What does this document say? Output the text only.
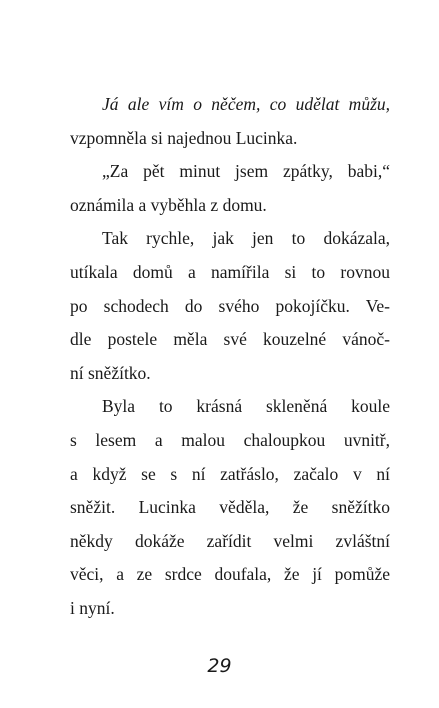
Já ale vím o něčem, co udělat můžu,
vzpomněla si najednou Lucinka.
„Za pět minut jsem zpátky, babi,“
oznámila a vyběhla z domu.
Tak rychle, jak jen to dokázala,
utíkala domů a namířila si to rovnou
po schodech do svého pokojíčku. Ve-
dle postele měla své kouzelné vánoč-
ní sněžítko.
Byla to krásná skleněná koule
s lesem a malou chaloupkou uvnitř,
a když se s ní zatřáslo, začalo v ní
sněžit. Lucinka věděla, že sněžítko
někdy dokáže zařídit velmi zvláštní
věci, a ze srdce doufala, že jí pomůže
i nyní.
29
